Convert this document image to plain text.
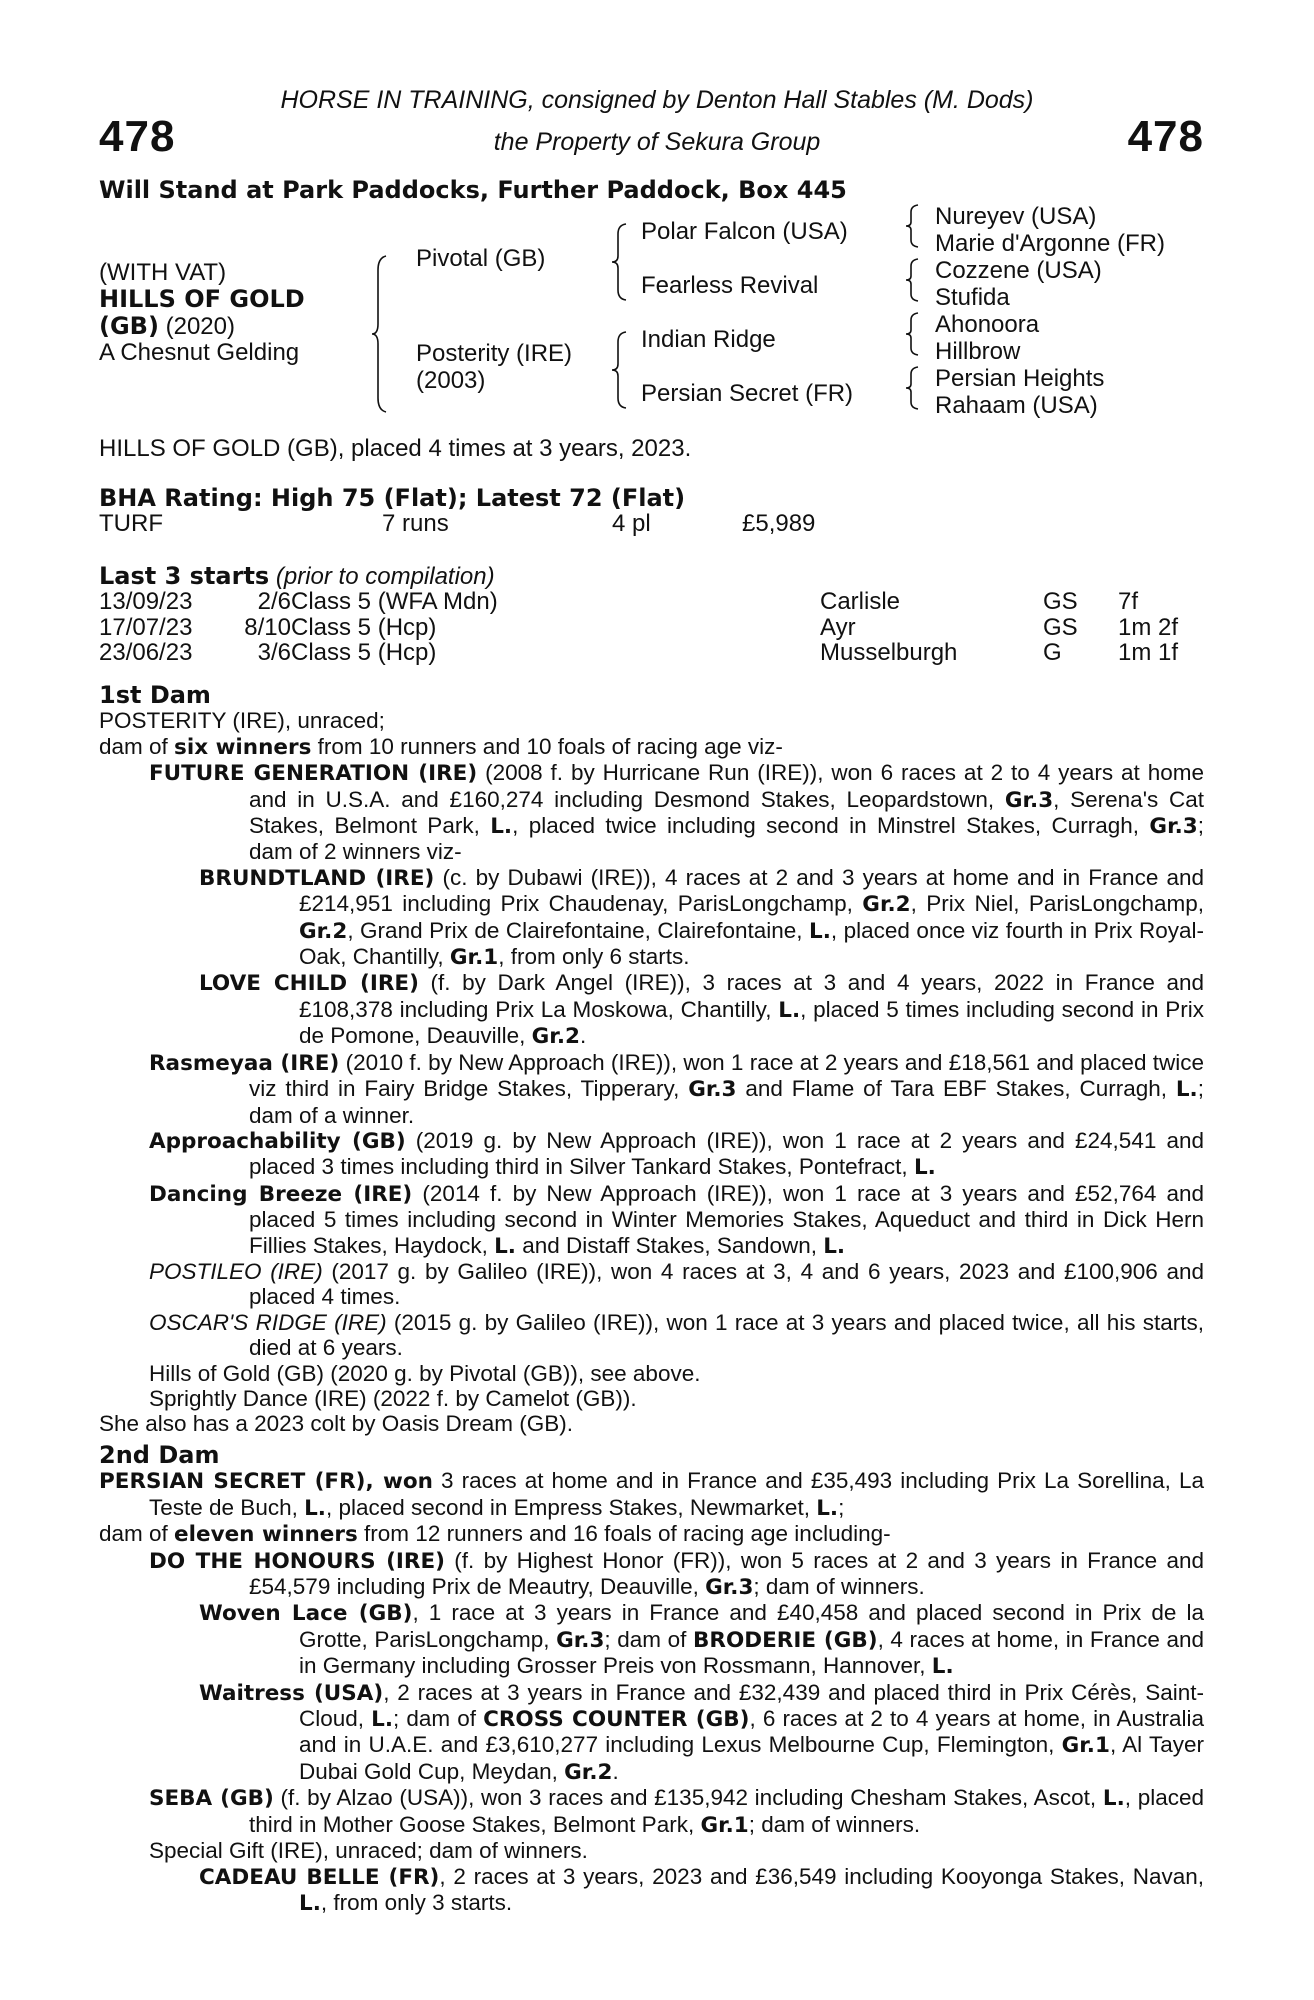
478	478
HORSE IN TRAINING, consigned by Denton Hall Stables (M. Dods)
the Property of Sekura Group
Will Stand at Park Paddocks, Further Paddock, Box 445
(WITH VAT)
HILLS OF GOLD
(GB) (2020)
A Chesnut Gelding
Pivotal (GB)
Posterity (IRE)
(2003)
Polar Falcon (USA)
Fearless Revival
Indian Ridge
Persian Secret (FR)
Nureyev (USA)
Marie d'Argonne (FR)
Cozzene (USA)
Stufida
Ahonoora
Hillbrow
Persian Heights
Rahaam (USA)
HILLS OF GOLD (GB), placed 4 times at 3 years, 2023.
BHA Rating: High 75 (Flat); Latest 72 (Flat)
TURF	7 runs	4 pl	£5,989
Last 3 starts (prior to compilation)
13/09/23	2/6 Class 5 (WFA Mdn)	Carlisle	GS 7f
17/07/23 8/10 Class 5 (Hcp)	Ayr	GS 1m 2f
23/06/23	3/6 Class 5 (Hcp)	Musselburgh	G 1m 1f

1st Dam

POSTERITY (IRE), unraced;

dam of six winners from 10 runners and 10 foals of racing age viz-

FUTURE GENERATION (IRE) (2008 f. by Hurricane Run (IRE)), won 6 races at 2 to 4 years at home and in U.S.A. and £160,274 including Desmond Stakes, Leopardstown, Gr.3, Serena's Cat Stakes, Belmont Park, L., placed twice including second in Minstrel Stakes, Curragh, Gr.3; dam of 2 winners viz-

BRUNDTLAND (IRE) (c. by Dubawi (IRE)), 4 races at 2 and 3 years at home and in France and £214,951 including Prix Chaudenay, ParisLongchamp, Gr.2, Prix Niel, ParisLongchamp, Gr.2, Grand Prix de Clairefontaine, Clairefontaine, L., placed once viz fourth in Prix Royal-Oak, Chantilly, Gr.1, from only 6 starts.

LOVE CHILD (IRE) (f. by Dark Angel (IRE)), 3 races at 3 and 4 years, 2022 in France and £108,378 including Prix La Moskowa, Chantilly, L., placed 5 times including second in Prix de Pomone, Deauville, Gr.2.

Rasmeyaa (IRE) (2010 f. by New Approach (IRE)), won 1 race at 2 years and £18,561 and placed twice viz third in Fairy Bridge Stakes, Tipperary, Gr.3 and Flame of Tara EBF Stakes, Curragh, L.; dam of a winner.

Approachability (GB) (2019 g. by New Approach (IRE)), won 1 race at 2 years and £24,541 and placed 3 times including third in Silver Tankard Stakes, Pontefract, L.

Dancing Breeze (IRE) (2014 f. by New Approach (IRE)), won 1 race at 3 years and £52,764 and placed 5 times including second in Winter Memories Stakes, Aqueduct and third in Dick Hern Fillies Stakes, Haydock, L. and Distaff Stakes, Sandown, L.

POSTILEO (IRE) (2017 g. by Galileo (IRE)), won 4 races at 3, 4 and 6 years, 2023 and £100,906 and placed 4 times.

OSCAR'S RIDGE (IRE) (2015 g. by Galileo (IRE)), won 1 race at 3 years and placed twice, all his starts, died at 6 years.

Hills of Gold (GB) (2020 g. by Pivotal (GB)), see above.

Sprightly Dance (IRE) (2022 f. by Camelot (GB)).

She also has a 2023 colt by Oasis Dream (GB).

2nd Dam

PERSIAN SECRET (FR), won 3 races at home and in France and £35,493 including Prix La Sorellina, La Teste de Buch, L., placed second in Empress Stakes, Newmarket, L.;

dam of eleven winners from 12 runners and 16 foals of racing age including-

DO THE HONOURS (IRE) (f. by Highest Honor (FR)), won 5 races at 2 and 3 years in France and £54,579 including Prix de Meautry, Deauville, Gr.3; dam of winners.

Woven Lace (GB), 1 race at 3 years in France and £40,458 and placed second in Prix de la Grotte, ParisLongchamp, Gr.3; dam of BRODERIE (GB), 4 races at home, in France and in Germany including Grosser Preis von Rossmann, Hannover, L.

Waitress (USA), 2 races at 3 years in France and £32,439 and placed third in Prix Cérès, Saint-Cloud, L.; dam of CROSS COUNTER (GB), 6 races at 2 to 4 years at home, in Australia and in U.A.E. and £3,610,277 including Lexus Melbourne Cup, Flemington, Gr.1, Al Tayer Dubai Gold Cup, Meydan, Gr.2.

SEBA (GB) (f. by Alzao (USA)), won 3 races and £135,942 including Chesham Stakes, Ascot, L., placed third in Mother Goose Stakes, Belmont Park, Gr.1; dam of winners.

Special Gift (IRE), unraced; dam of winners.

CADEAU BELLE (FR), 2 races at 3 years, 2023 and £36,549 including Kooyonga Stakes, Navan, L., from only 3 starts.
